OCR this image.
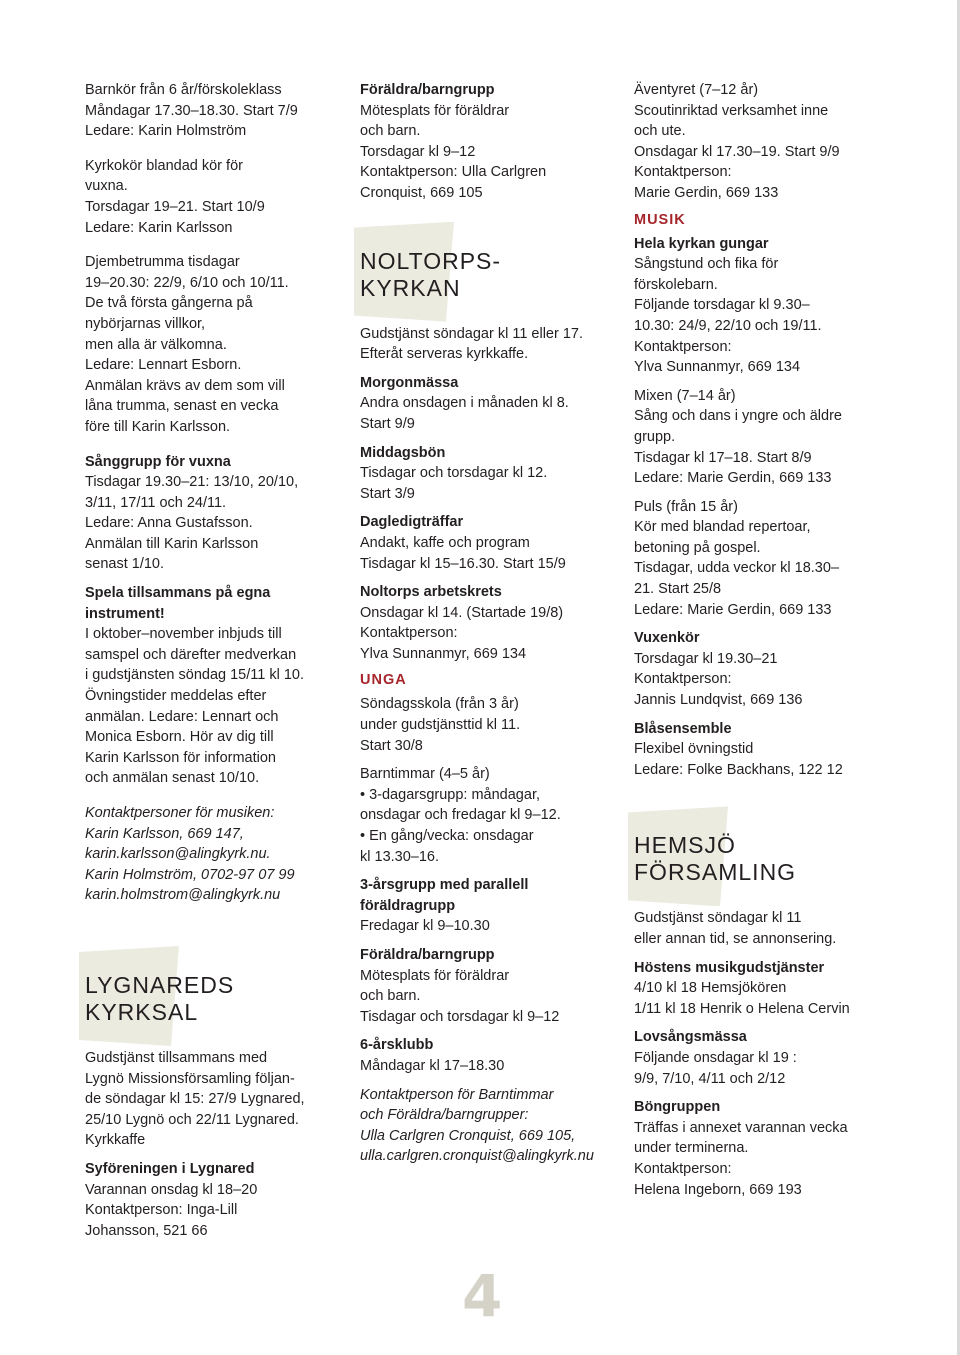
Barnkör från 6 år/förskoleklass

Måndagar 17.30–18.30. Start 7/9

Ledare: Karin Holmström

Kyrkokör blandad kör för

vuxna.

Torsdagar 19–21. Start 10/9

Ledare: Karin Karlsson

Djembetrumma tisdagar

19–20.30: 22/9, 6/10 och 10/11.

De två första gångerna på

nybörjarnas villkor,

men alla är välkomna.

Ledare: Lennart Esborn.

Anmälan krävs av dem som vill

låna trumma, senast en vecka

före till Karin Karlsson.

Sånggrupp för vuxna

Tisdagar 19.30–21: 13/10, 20/10,

3/11, 17/11 och 24/11.

Ledare: Anna Gustafsson.

Anmälan till Karin Karlsson

senast 1/10.

Spela tillsammans på egna

instrument!

I oktober–november inbjuds till

samspel och därefter medverkan

i gudstjänsten söndag 15/11 kl 10.

Övningstider meddelas efter

anmälan. Ledare: Lennart och

Monica Esborn. Hör av dig till

Karin Karlsson för information

och anmälan senast 10/10.

Kontaktpersoner för musiken:

Karin Karlsson, 669 147,

karin.karlsson@alingkyrk.nu.

Karin Holmström, 0702-97 07 99

karin.holmstrom@alingkyrk.nu

LYGNAREDS
KYRKSAL

Gudstjänst tillsammans med

Lygnö Missionsförsamling följan-

de söndagar kl 15: 27/9 Lygnared,

25/10 Lygnö och 22/11 Lygnared.

Kyrkkaffe

Syföreningen i Lygnared

Varannan onsdag kl 18–20

Kontaktperson: Inga-Lill

Johansson, 521 66

Föräldra/barngrupp

Mötesplats för föräldrar

och barn.

Torsdagar kl 9–12

Kontaktperson: Ulla Carlgren

Cronquist, 669 105

NOLTORPS-
KYRKAN

Gudstjänst söndagar kl 11 eller 17.

Efteråt serveras kyrkkaffe.

Morgonmässa

Andra onsdagen i månaden kl 8.

Start 9/9

Middagsbön

Tisdagar och torsdagar kl 12.

Start 3/9

Dagledigträffar

Andakt, kaffe och program

Tisdagar kl 15–16.30. Start 15/9

Noltorps arbetskrets

Onsdagar kl 14. (Startade 19/8)

Kontaktperson:

Ylva Sunnanmyr, 669 134

UNGA

Söndagsskola (från 3 år)

under gudstjänsttid kl 11.

Start 30/8

Barntimmar (4–5 år)

• 3-dagarsgrupp: måndagar,

onsdagar och fredagar kl 9–12.

• En gång/vecka: onsdagar

kl 13.30–16.

3-årsgrupp med parallell

föräldragrupp

Fredagar kl 9–10.30

Föräldra/barngrupp

Mötesplats för föräldrar

och barn.

Tisdagar och torsdagar kl 9–12

6-årsklubb

Måndagar kl 17–18.30

Kontaktperson för Barntimmar

och Föräldra/barngrupper:

Ulla Carlgren Cronquist, 669 105,

ulla.carlgren.cronquist@alingkyrk.nu

4

Äventyret (7–12 år)

Scoutinriktad verksamhet inne

och ute.

Onsdagar kl 17.30–19. Start 9/9

Kontaktperson:

Marie Gerdin, 669 133

MUSIK

Hela kyrkan gungar

Sångstund och fika för

förskolebarn.

Följande torsdagar kl 9.30–

10.30: 24/9, 22/10 och 19/11.

Kontaktperson:

Ylva Sunnanmyr, 669 134

Mixen (7–14 år)

Sång och dans i yngre och äldre

grupp.

Tisdagar kl 17–18. Start 8/9

Ledare: Marie Gerdin, 669 133

Puls (från 15 år)

Kör med blandad repertoar,

betoning på gospel.

Tisdagar, udda veckor kl 18.30–

21. Start 25/8

Ledare: Marie Gerdin, 669 133

Vuxenkör

Torsdagar kl 19.30–21

Kontaktperson:

Jannis Lundqvist, 669 136

Blåsensemble

Flexibel övningstid

Ledare: Folke Backhans, 122 12

HEMSJÖ
FÖRSAMLING

Gudstjänst söndagar kl 11

eller annan tid, se annonsering.

Höstens musikgudstjänster

4/10 kl 18 Hemsjökören

1/11 kl 18 Henrik o Helena Cervin

Lovsångsmässa

Följande onsdagar kl 19 :

9/9, 7/10, 4/11 och 2/12

Böngruppen

Träffas i annexet varannan vecka

under terminerna.

Kontaktperson:

Helena Ingeborn, 669 193
